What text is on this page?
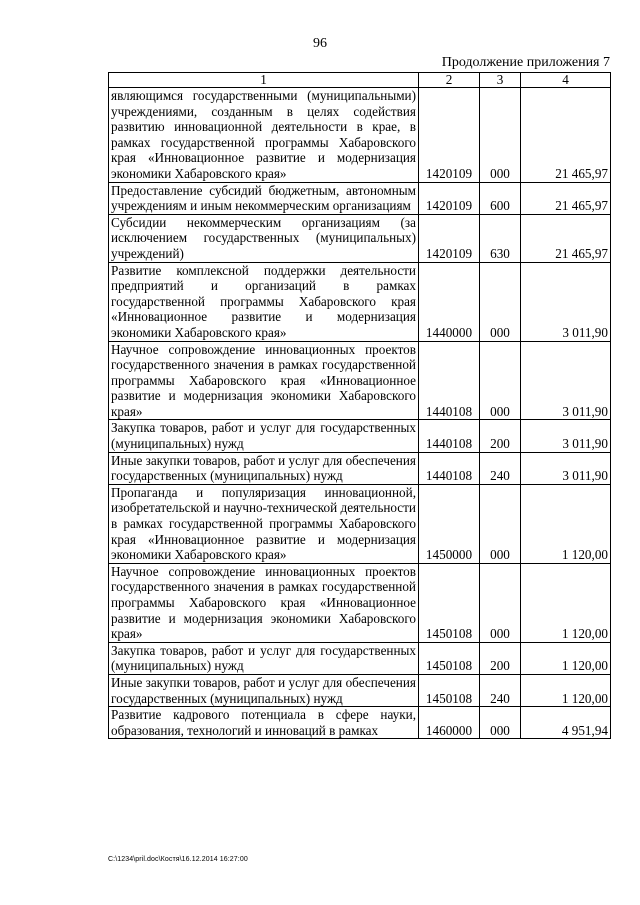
96
Продолжение приложения 7
1	2	3	4
являющимся государственными (муниципальными) учреждениями, созданным в целях содействия развитию инновационной деятельности в крае, в рамках государственной программы Хабаровского края «Инновационное развитие и модернизация экономики Хабаровского края»	1420109	000	21 465,97
Предоставление субсидий бюджетным, автономным учреждениям и иным некоммерческим организациям	1420109	600	21 465,97
Субсидии некоммерческим организациям (за исключением государственных (муниципальных) учреждений)	1420109	630	21 465,97
Развитие комплексной поддержки деятельности предприятий и организаций в рамках государственной программы Хабаровского края «Инновационное развитие и модернизация экономики Хабаровского края»	1440000	000	3 011,90
Научное сопровождение инновационных проектов государственного значения в рамках государственной программы Хабаровского края «Инновационное развитие и модернизация экономики Хабаровского края»	1440108	000	3 011,90
Закупка товаров, работ и услуг для государственных (муниципальных) нужд	1440108	200	3 011,90
Иные закупки товаров, работ и услуг для обеспечения государственных (муниципальных) нужд	1440108	240	3 011,90
Пропаганда и популяризация инновационной, изобретательской и научно-технической деятельности в рамках государственной программы Хабаровского края «Инновационное развитие и модернизация экономики Хабаровского края»	1450000	000	1 120,00
Научное сопровождение инновационных проектов государственного значения в рамках государственной программы Хабаровского края «Инновационное развитие и модернизация экономики Хабаровского края»	1450108	000	1 120,00
Закупка товаров, работ и услуг для государственных (муниципальных) нужд	1450108	200	1 120,00
Иные закупки товаров, работ и услуг для обеспечения государственных (муниципальных) нужд	1450108	240	1 120,00
Развитие кадрового потенциала в сфере науки, образования, технологий и инноваций в рамках	1460000	000	4 951,94
C:\1234\pril.doc\Костя\16.12.2014 16:27:00
